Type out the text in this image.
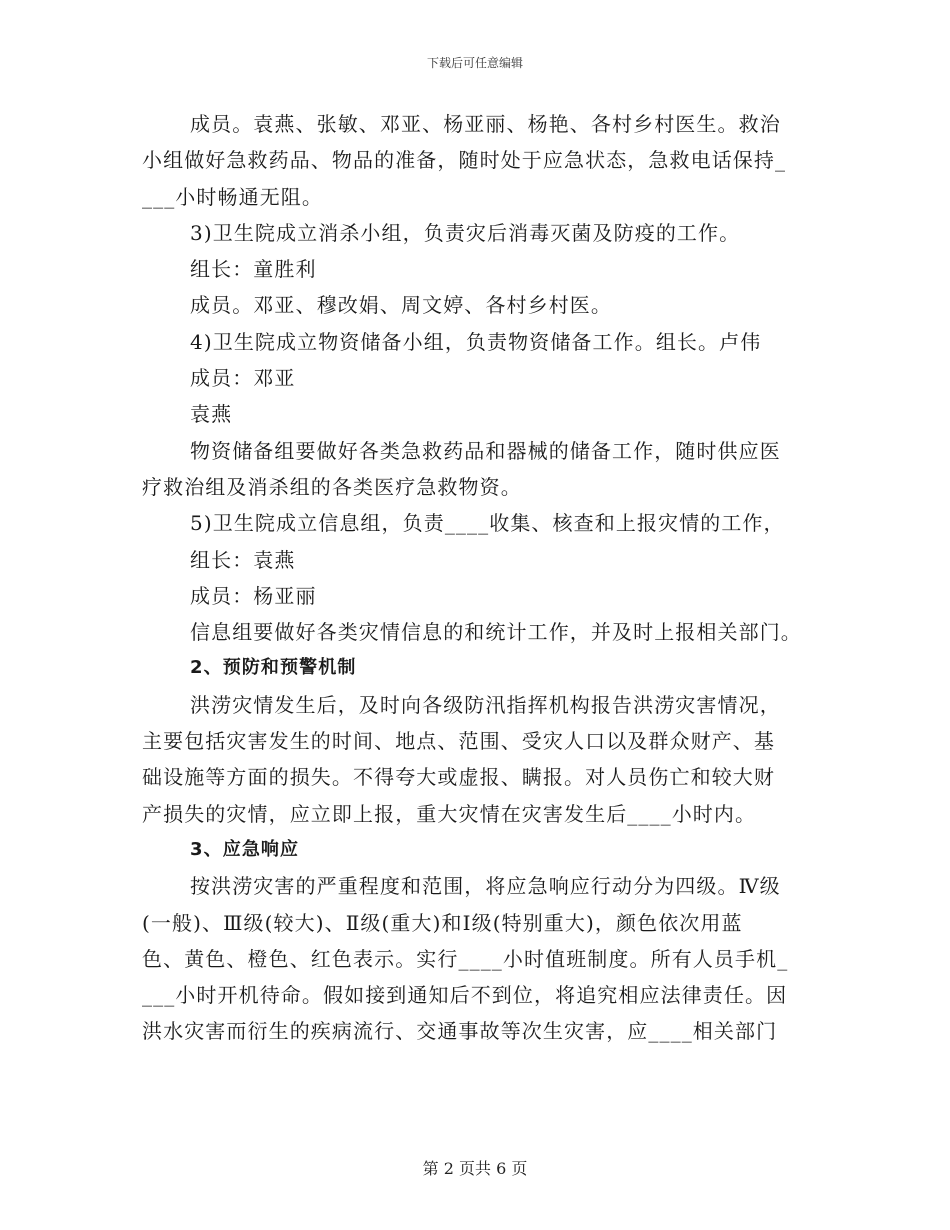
下载后可任意编辑
成员。袁燕、张敏、邓亚、杨亚丽、杨艳、各村乡村医生。救治
小组做好急救药品、物品的准备，随时处于应急状态，急救电话保持_
___小时畅通无阻。
3)卫生院成立消杀小组，负责灾后消毒灭菌及防疫的工作。
组长：童胜利
成员。邓亚、穆改娟、周文婷、各村乡村医。
4)卫生院成立物资储备小组，负责物资储备工作。组长。卢伟
成员：邓亚
袁燕
物资储备组要做好各类急救药品和器械的储备工作，随时供应医
疗救治组及消杀组的各类医疗急救物资。
5)卫生院成立信息组，负责____收集、核查和上报灾情的工作，
组长：袁燕
成员：杨亚丽
信息组要做好各类灾情信息的和统计工作，并及时上报相关部门。
2、预防和预警机制
洪涝灾情发生后，及时向各级防汛指挥机构报告洪涝灾害情况，
主要包括灾害发生的时间、地点、范围、受灾人口以及群众财产、基
础设施等方面的损失。不得夸大或虚报、瞒报。对人员伤亡和较大财
产损失的灾情，应立即上报，重大灾情在灾害发生后____小时内。
3、应急响应
按洪涝灾害的严重程度和范围，将应急响应行动分为四级。Ⅳ级
(一般)、Ⅲ级(较大)、Ⅱ级(重大)和Ⅰ级(特别重大)，颜色依次用蓝
色、黄色、橙色、红色表示。实行____小时值班制度。所有人员手机_
___小时开机待命。假如接到通知后不到位，将追究相应法律责任。因
洪水灾害而衍生的疾病流行、交通事故等次生灾害，应____相关部门
第 2 页共 6 页
